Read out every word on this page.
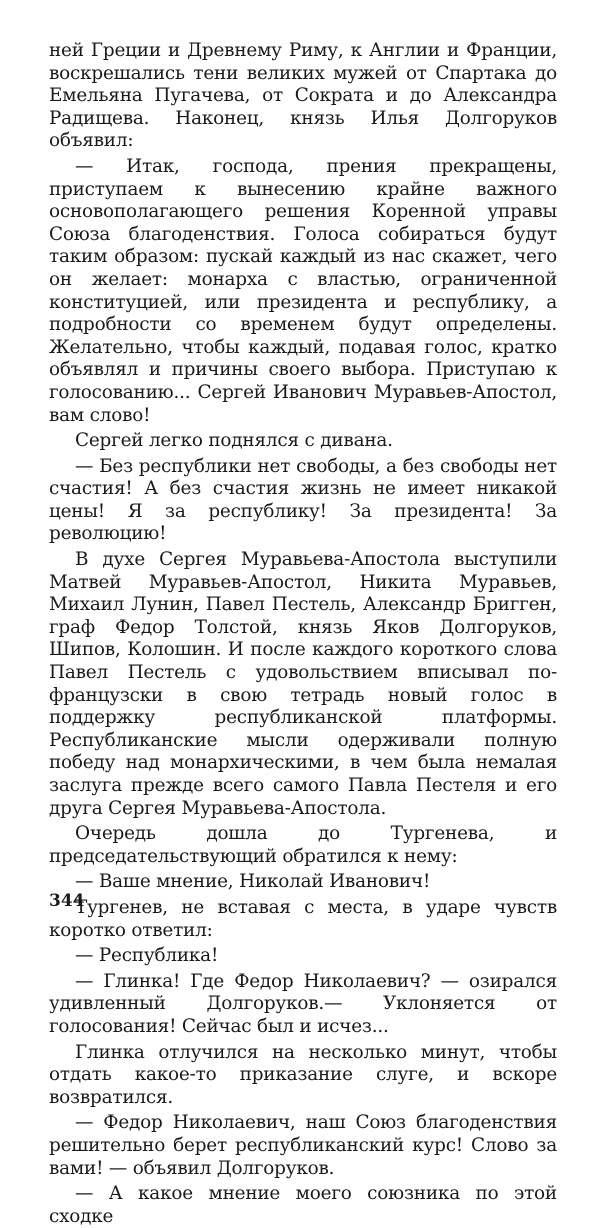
ней Греции и Древнему Риму, к Англии и Франции, воскрешались тени великих мужей от Спартака до Емельяна Пугачева, от Сократа и до Александра Радищева. Наконец, князь Илья Долгоруков объявил:

— Итак, господа, прения прекращены, приступаем к вынесению крайне важного основополагающего решения Коренной управы Союза благоденствия. Голоса собираться будут таким образом: пускай каждый из нас скажет, чего он желает: монарха с властью, ограниченной конституцией, или президента и республику, а подробности со временем будут определены. Желательно, чтобы каждый, подавая голос, кратко объявлял и причины своего выбора. Приступаю к голосованию... Сергей Иванович Муравьев-Апостол, вам слово!

Сергей легко поднялся с дивана.

— Без республики нет свободы, а без свободы нет счастия! А без счастия жизнь не имеет никакой цены! Я за республику! За президента! За революцию!

В духе Сергея Муравьева-Апостола выступили Матвей Муравьев-Апостол, Никита Муравьев, Михаил Лунин, Павел Пестель, Александр Бригген, граф Федор Толстой, князь Яков Долгоруков, Шипов, Колошин. И после каждого короткого слова Павел Пестель с удовольствием вписывал по-французски в свою тетрадь новый голос в поддержку республиканской платформы. Республиканские мысли одерживали полную победу над монархическими, в чем была немалая заслуга прежде всего самого Павла Пестеля и его друга Сергея Муравьева-Апостола.

Очередь дошла до Тургенева, и председательствующий обратился к нему:

— Ваше мнение, Николай Иванович!

Тургенев, не вставая с места, в ударе чувств коротко ответил:

— Республика!

— Глинка! Где Федор Николаевич? — озирался удивленный Долгоруков.— Уклоняется от голосования! Сейчас был и исчез...

Глинка отлучился на несколько минут, чтобы отдать какое-то приказание слуге, и вскоре возвратился.

— Федор Николаевич, наш Союз благоденствия решительно берет республиканский курс! Слово за вами! — объявил Долгоруков.

— А какое мнение моего союзника по этой сходке

344
